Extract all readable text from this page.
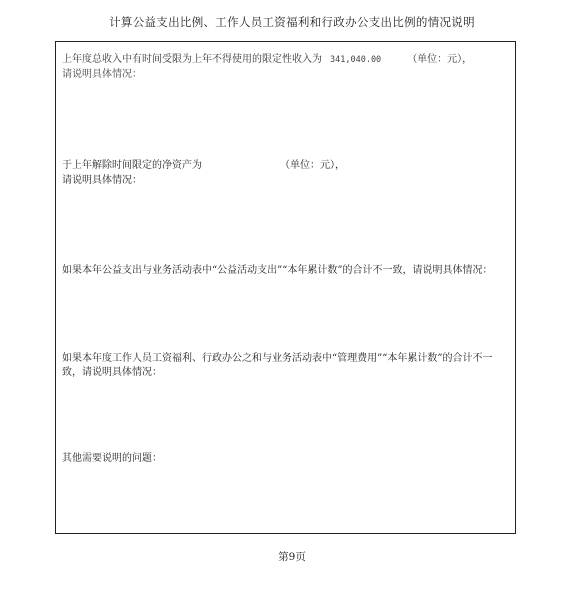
计算公益支出比例、工作人员工资福利和行政办公支出比例的情况说明
上年度总收入中有时间受限为上年不得使用的限定性收入为 341,040.00	（单位：元），
请说明具体情况：
于上年解除时间限定的净资产为	（单位：元），
请说明具体情况：
如果本年公益支出与业务活动表中“公益活动支出”“本年累计数”的合计不一致，请说明具体情况：
如果本年度工作人员工资福利、行政办公之和与业务活动表中“管理费用”“本年累计数”的合计不一
致，请说明具体情况：
其他需要说明的问题：
第9页
